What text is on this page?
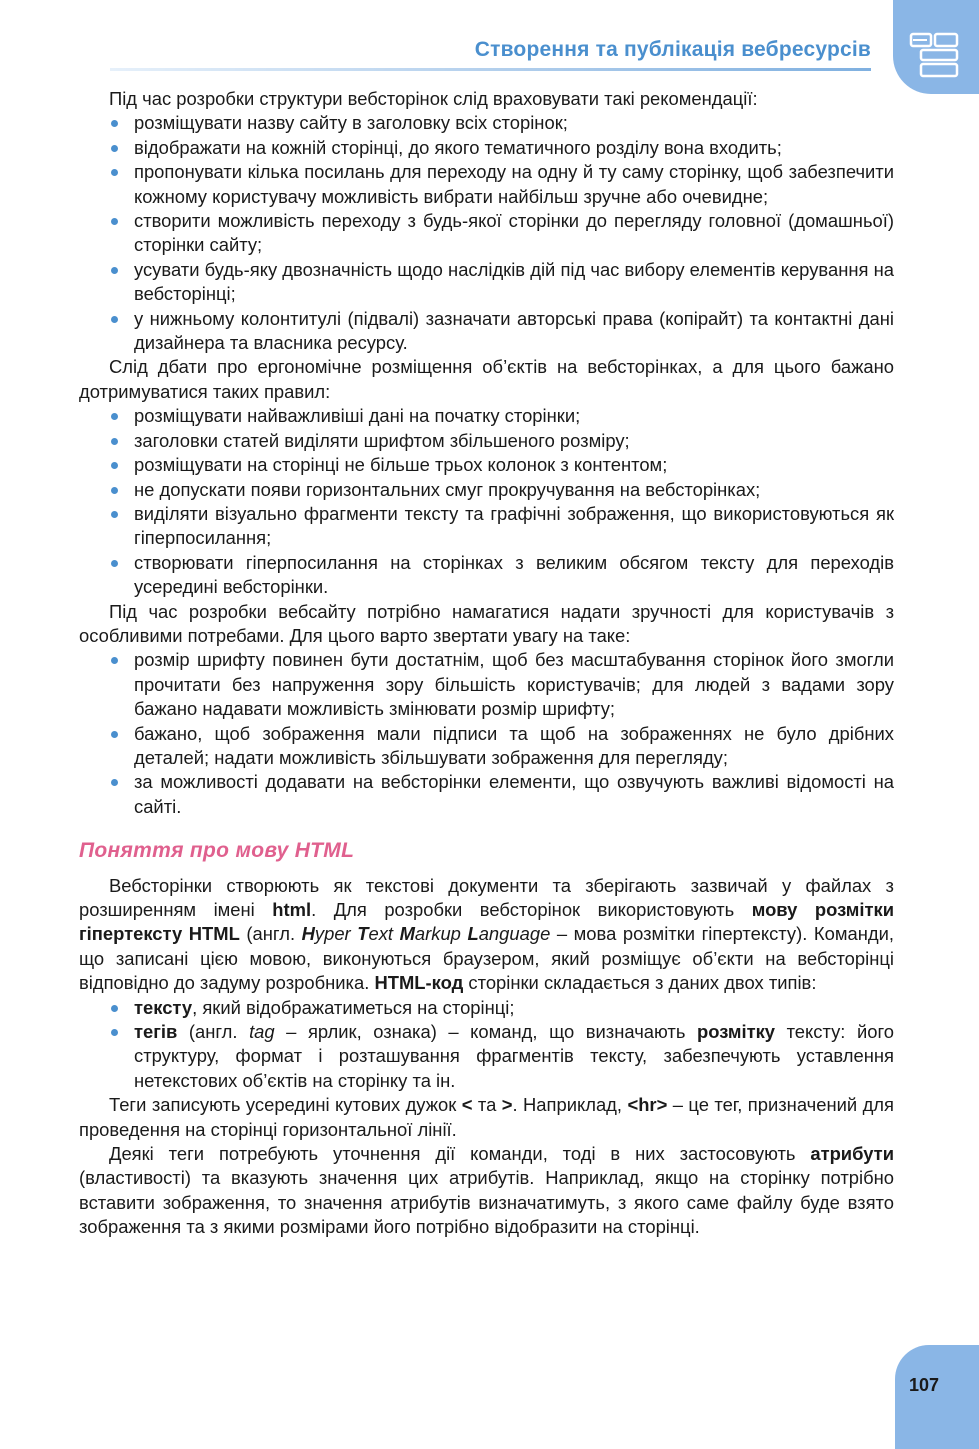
Створення та публікація вебресурсів

Під час розробки структури вебсторінок слід враховувати такі рекомендації:

розміщувати назву сайту в заголовку всіх сторінок;
відображати на кожній сторінці, до якого тематичного розділу вона входить;
пропонувати кілька посилань для переходу на одну й ту саму сторінку, щоб забезпечити кожному користувачу можливість вибрати найбільш зручне або очевидне;
створити можливість переходу з будь-якої сторінки до перегляду головної (домашньої) сторінки сайту;
усувати будь-яку двозначність щодо наслідків дій під час вибору елементів керування на вебсторінці;
у нижньому колонтитулі (підвалі) зазначати авторські права (копірайт) та контактні дані дизайнера та власника ресурсу.

Слід дбати про ергономічне розміщення об’єктів на вебсторінках, а для цього бажано дотримуватися таких правил:

розміщувати найважливіші дані на початку сторінки;
заголовки статей виділяти шрифтом збільшеного розміру;
розміщувати на сторінці не більше трьох колонок з контентом;
не допускати появи горизонтальних смуг прокручування на вебсторінках;
виділяти візуально фрагменти тексту та графічні зображення, що використовуються як гіперпосилання;
створювати гіперпосилання на сторінках з великим обсягом тексту для переходів усередині вебсторінки.

Під час розробки вебсайту потрібно намагатися надати зручності для користувачів з особливими потребами. Для цього варто звертати увагу на таке:

розмір шрифту повинен бути достатнім, щоб без масштабування сторінок його змогли прочитати без напруження зору більшість користувачів; для людей з вадами зору бажано надавати можливість змінювати розмір шрифту;
бажано, щоб зображення мали підписи та щоб на зображеннях не було дрібних деталей; надати можливість збільшувати зображення для перегляду;
за можливості додавати на вебсторінки елементи, що озвучують важливі відомості на сайті.
Поняття про мову HTML

Вебсторінки створюють як текстові документи та зберігають зазвичай у файлах з розширенням імені html. Для розробки вебсторінок використовують мову розмітки гіпертексту HTML (англ. Hyper Text Markup Language – мова розмітки гіпертексту). Команди, що записані цією мовою, виконуються браузером, який розміщує об’єкти на вебсторінці відповідно до задуму розробника. HTML-код сторінки складається з даних двох типів:

тексту, який відображатиметься на сторінці;
тегів (англ. tag – ярлик, ознака) – команд, що визначають розмітку тексту: його структуру, формат і розташування фрагментів тексту, забезпечують уставлення нетекстових об’єктів на сторінку та ін.

Теги записують усередині кутових дужок < та >. Наприклад, <hr> – це тег, призначений для проведення на сторінці горизонтальної лінії.

Деякі теги потребують уточнення дії команди, тоді в них застосовують атрибути (властивості) та вказують значення цих атрибутів. Наприклад, якщо на сторінку потрібно вставити зображення, то значення атрибутів визначатимуть, з якого саме файлу буде взято зображення та з якими розмірами його потрібно відобразити на сторінці.

107
